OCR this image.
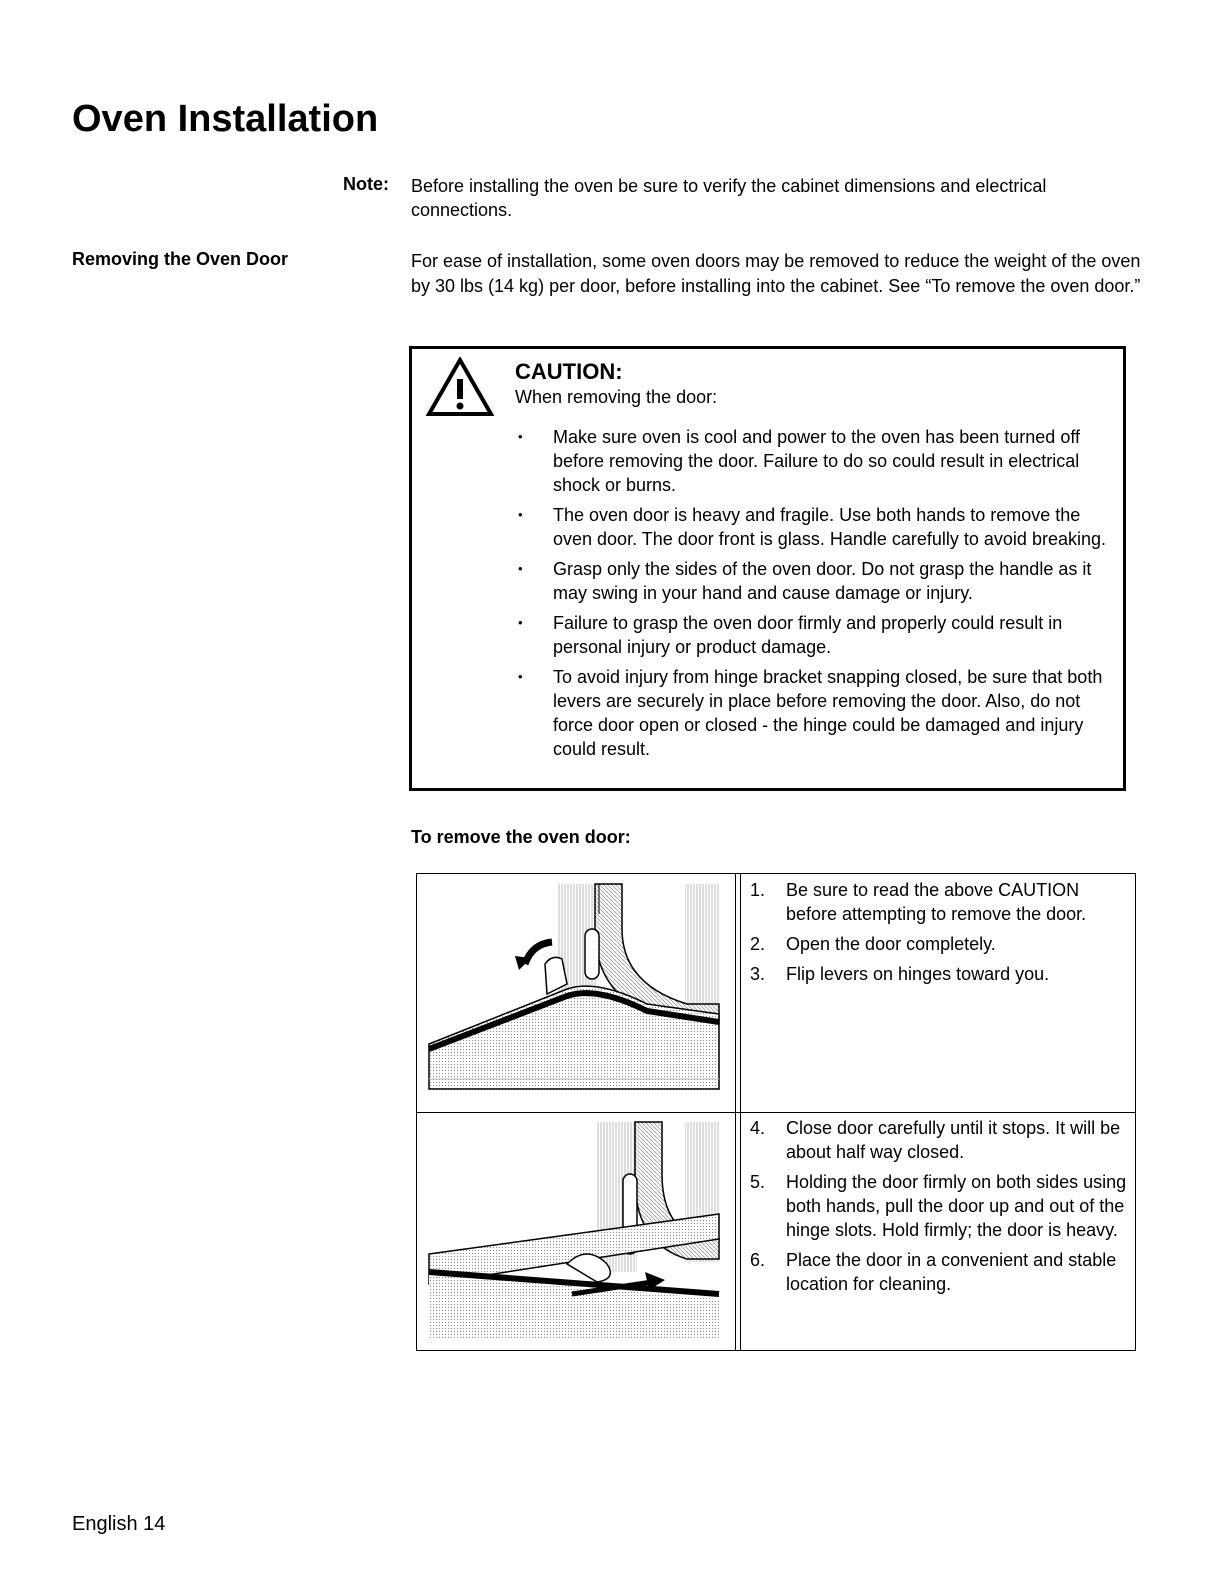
Oven Installation
Note: Before installing the oven be sure to verify the cabinet dimensions and electrical connections.
Removing the Oven Door	For ease of installation, some oven doors may be removed to reduce the weight of the oven by 30 lbs (14 kg) per door, before installing into the cabinet. See “To remove the oven door.”
CAUTION:
When removing the door:
• Make sure oven is cool and power to the oven has been turned off before removing the door. Failure to do so could result in electrical shock or burns.
• The oven door is heavy and fragile. Use both hands to remove the oven door. The door front is glass. Handle carefully to avoid breaking.
• Grasp only the sides of the oven door. Do not grasp the handle as it may swing in your hand and cause damage or injury.
• Failure to grasp the oven door firmly and properly could result in personal injury or product damage.
• To avoid injury from hinge bracket snapping closed, be sure that both levers are securely in place before removing the door. Also, do not force door open or closed - the hinge could be damaged and injury could result.
To remove the oven door:
1. Be sure to read the above CAUTION before attempting to remove the door.
2. Open the door completely.
3. Flip levers on hinges toward you.
4. Close door carefully until it stops. It will be about half way closed.
5. Holding the door firmly on both sides using both hands, pull the door up and out of the hinge slots. Hold firmly; the door is heavy.
6. Place the door in a convenient and stable location for cleaning.
English 14
